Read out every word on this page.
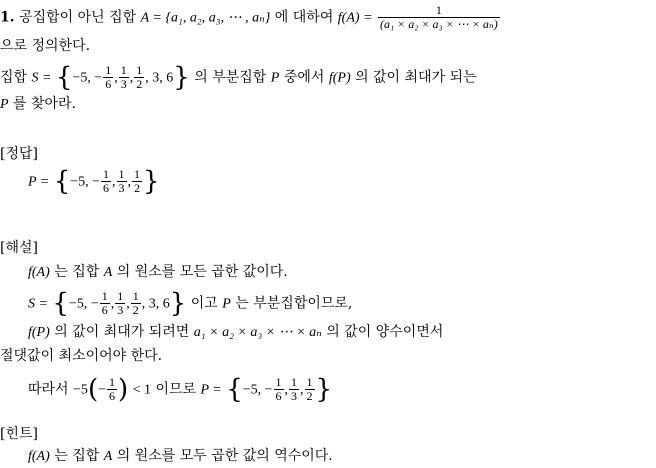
1. 공집합이 아닌 집합 A = {a₁, a₂, a₃, ⋯ , aₙ} 에 대하여 $f(A) = \frac{1}{\text{(a₁ × a₂ × a₃ × ⋯ × aₙ)}}$
으로 정의한다.
집합 S = {−5, − $\frac{1}{6}$ , $\frac{1}{3}$ , $\frac{1}{2}$ , 3, 6} 의 부분집합 P 중에서 f(P) 의 값이 최대가 되는
P 를 찾아라.
[정답]
P = {−5, − $\frac{1}{6}$ , $\frac{1}{3}$ , $\frac{1}{2}$ }
[해설]
f(A) 는 집합 A 의 원소를 모든 곱한 값이다.
S = {−5, − $\frac{1}{6}$ , $\frac{1}{3}$ , $\frac{1}{2}$ , 3, 6} 이고 P 는 부분집합이므로,
f(P) 의 값이 최대가 되려면 a₁ × a₂ × a₃ × ⋯ × aₙ 의 값이 양수이면서
절댓값이 최소이어야 한다.
따라서 $-5(- \frac{1}{6}$ ) < 1 이므로 P = {−5, − $\frac{1}{6}$ , $\frac{1}{3}$ , $\frac{1}{2}$ }
[힌트]
f(A) 는 집합 A 의 원소를 모두 곱한 값의 역수이다.
